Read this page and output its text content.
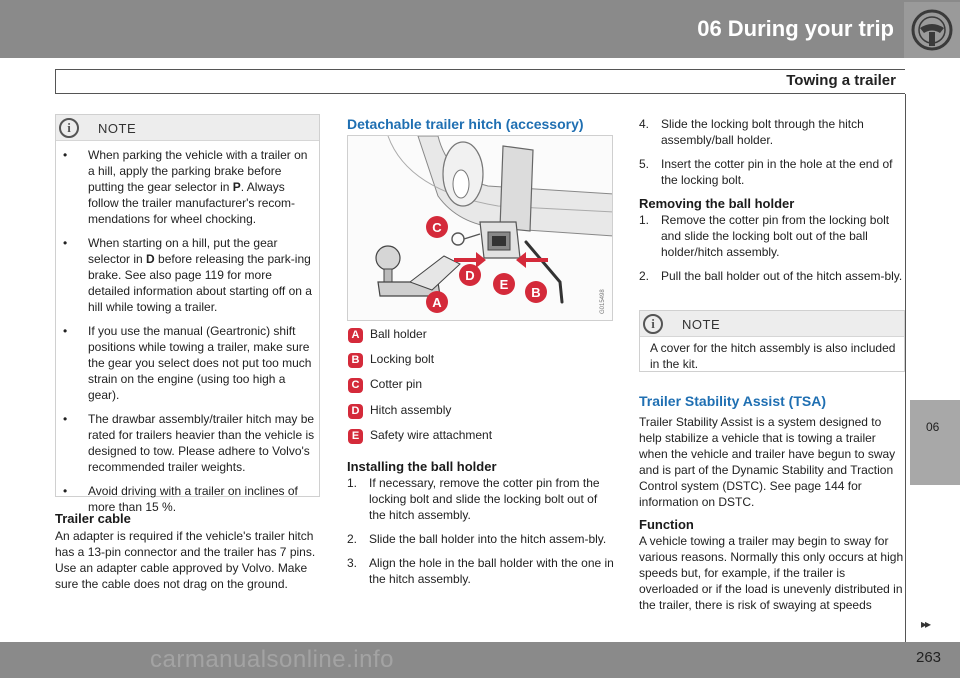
06 During your trip
Towing a trailer
06
▸▸
i	NOTE
• When parking the vehicle with a trailer on a hill, apply the parking brake before putting the gear selector in P. Always follow the trailer manufacturer's recom-mendations for wheel chocking.
• When starting on a hill, put the gear selector in D before releasing the park-ing brake. See also page 119 for more detailed information about starting off on a hill while towing a trailer.
• If you use the manual (Geartronic) shift positions while towing a trailer, make sure the gear you select does not put too much strain on the engine (using too high a gear).
• The drawbar assembly/trailer hitch may be rated for trailers heavier than the vehicle is designed to tow. Please adhere to Volvo's recommended trailer weights.
• Avoid driving with a trailer on inclines of more than 15 %.
Trailer cable
An adapter is required if the vehicle's trailer hitch has a 13-pin connector and the trailer has 7 pins. Use an adapter cable approved by Volvo. Make sure the cable does not drag on the ground.
Detachable trailer hitch (accessory)
C
D
E
B
A	G015498
A Ball holder
B Locking bolt
C Cotter pin
D Hitch assembly
E Safety wire attachment
Installing the ball holder
1. If necessary, remove the cotter pin from the locking bolt and slide the locking bolt out of the hitch assembly.
2. Slide the ball holder into the hitch assem-bly.
3. Align the hole in the ball holder with the one in the hitch assembly.
4. Slide the locking bolt through the hitch assembly/ball holder.
5. Insert the cotter pin in the hole at the end of the locking bolt.
Removing the ball holder
1. Remove the cotter pin from the locking bolt and slide the locking bolt out of the ball holder/hitch assembly.
2. Pull the ball holder out of the hitch assem-bly.
i	NOTE
A cover for the hitch assembly is also included in the kit.
Trailer Stability Assist (TSA)
Trailer Stability Assist is a system designed to help stabilize a vehicle that is towing a trailer when the vehicle and trailer have begun to sway and is part of the Dynamic Stability and Traction Control system (DSTC). See page 144 for information on DSTC.
Function
A vehicle towing a trailer may begin to sway for various reasons. Normally this only occurs at high speeds but, for example, if the trailer is overloaded or if the load is unevenly distributed in the trailer, there is risk of swaying at speeds
carmanualsonline.info	263
